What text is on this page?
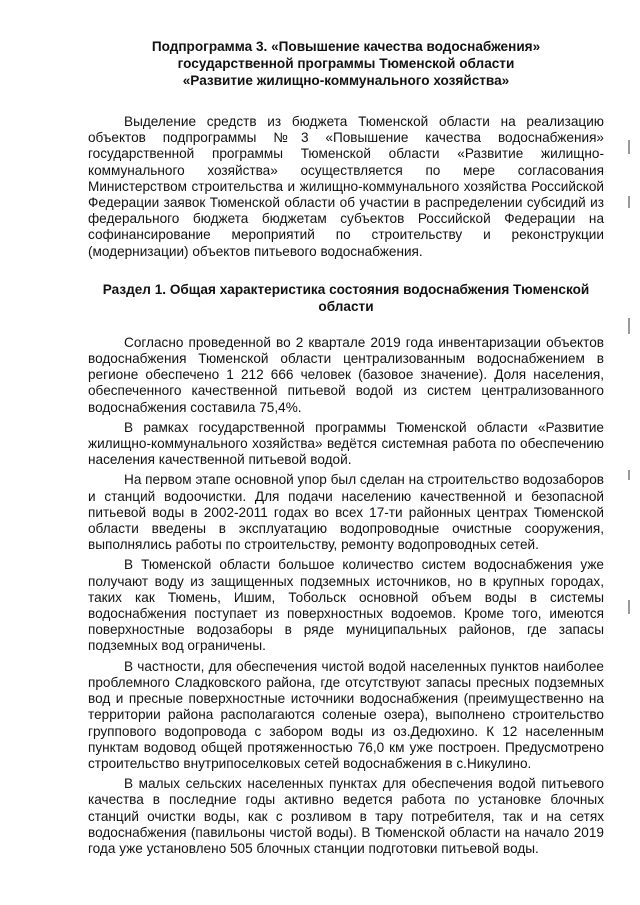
Подпрограмма 3. «Повышение качества водоснабжения»
государственной программы Тюменской области
«Развитие жилищно-коммунального хозяйства»

Выделение средств из бюджета Тюменской области на реализацию объектов подпрограммы №3 «Повышение качества водоснабжения» государственной программы Тюменской области «Развитие жилищно-коммунального хозяйства» осуществляется по мере согласования Министерством строительства и жилищно-коммунального хозяйства Российской Федерации заявок Тюменской области об участии в распределении субсидий из федерального бюджета бюджетам субъектов Российской Федерации на софинансирование мероприятий по строительству и реконструкции (модернизации) объектов питьевого водоснабжения.

Раздел 1. Общая характеристика состояния водоснабжения Тюменской
области

Согласно проведенной во 2 квартале 2019 года инвентаризации объектов водоснабжения Тюменской области централизованным водоснабжением в регионе обеспечено 1 212 666 человек (базовое значение). Доля населения, обеспеченного качественной питьевой водой из систем централизованного водоснабжения составила 75,4%.

В рамках государственной программы Тюменской области «Развитие жилищно-коммунального хозяйства» ведётся системная работа по обеспечению населения качественной питьевой водой.

На первом этапе основной упор был сделан на строительство водозаборов и станций водоочистки. Для подачи населению качественной и безопасной питьевой воды в 2002-2011 годах во всех 17-ти районных центрах Тюменской области введены в эксплуатацию водопроводные очистные сооружения, выполнялись работы по строительству, ремонту водопроводных сетей.

В Тюменской области большое количество систем водоснабжения уже получают воду из защищенных подземных источников, но в крупных городах, таких как Тюмень, Ишим, Тобольск основной объем воды в системы водоснабжения поступает из поверхностных водоемов. Кроме того, имеются поверхностные водозаборы в ряде муниципальных районов, где запасы подземных вод ограничены.

В частности, для обеспечения чистой водой населенных пунктов наиболее проблемного Сладковского района, где отсутствуют запасы пресных подземных вод и пресные поверхностные источники водоснабжения (преимущественно на территории района располагаются соленые озера), выполнено строительство группового водопровода с забором воды из оз.Дедюхино. К 12 населенным пунктам водовод общей протяженностью 76,0 км уже построен. Предусмотрено строительство внутрипоселковых сетей водоснабжения в с.Никулино.

В малых сельских населенных пунктах для обеспечения водой питьевого качества в последние годы активно ведется работа по установке блочных станций очистки воды, как с розливом в тару потребителя, так и на сетях водоснабжения (павильоны чистой воды). В Тюменской области на начало 2019 года уже установлено 505 блочных станции подготовки питьевой воды.
